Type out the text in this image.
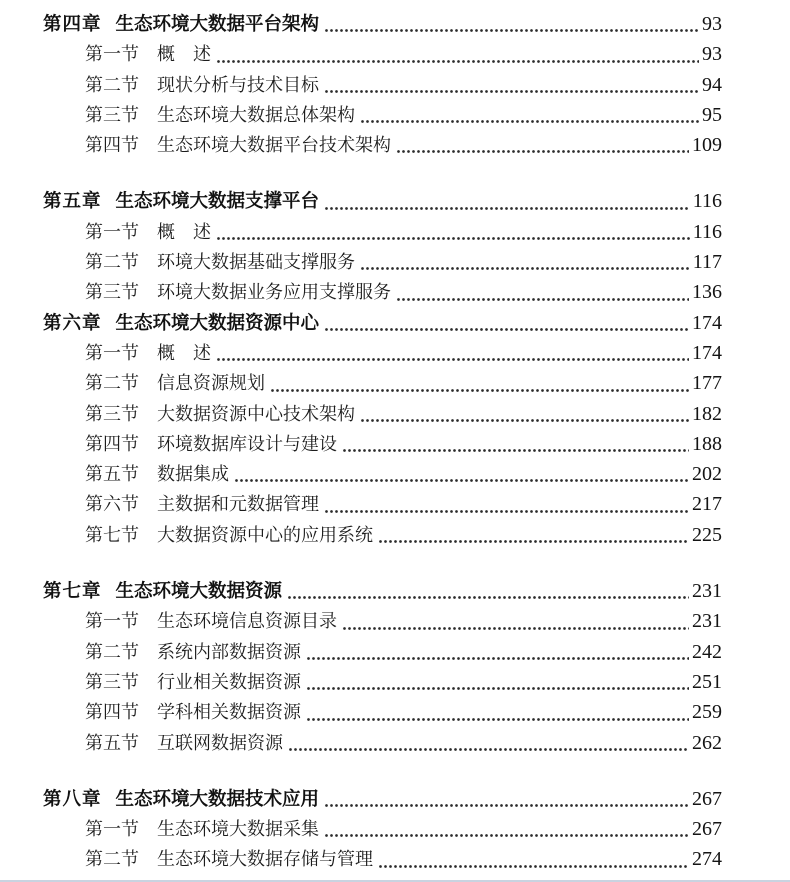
第四章 生态环境大数据平台架构	93
第一节 概　述	93
第二节 现状分析与技术目标	94
第三节 生态环境大数据总体架构	95
第四节 生态环境大数据平台技术架构	109
第五章 生态环境大数据支撑平台	116
第一节 概　述	116
第二节 环境大数据基础支撑服务	117
第三节 环境大数据业务应用支撑服务	136
第六章 生态环境大数据资源中心	174
第一节 概　述	174
第二节 信息资源规划	177
第三节 大数据资源中心技术架构	182
第四节 环境数据库设计与建设	188
第五节 数据集成	202
第六节 主数据和元数据管理	217
第七节 大数据资源中心的应用系统	225
第七章 生态环境大数据资源	231
第一节 生态环境信息资源目录	231
第二节 系统内部数据资源	242
第三节 行业相关数据资源	251
第四节 学科相关数据资源	259
第五节 互联网数据资源	262
第八章 生态环境大数据技术应用	267
第一节 生态环境大数据采集	267
第二节 生态环境大数据存储与管理	274
